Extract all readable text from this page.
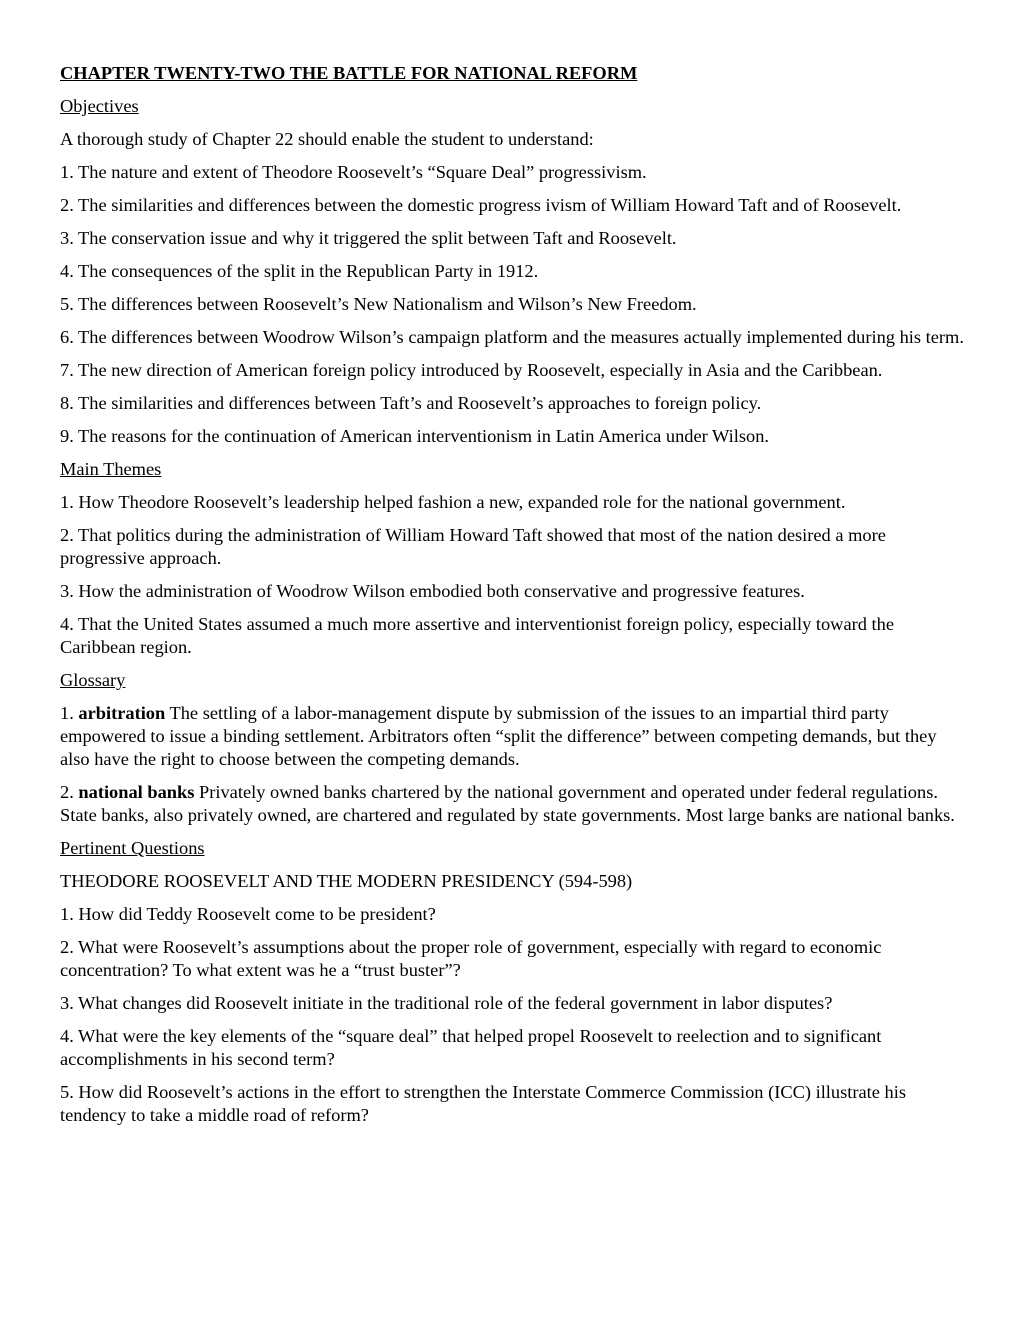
CHAPTER TWENTY-TWO THE BATTLE FOR NATIONAL REFORM

Objectives

A thorough study of Chapter 22 should enable the student to understand:

1. The nature and extent of Theodore Roosevelt’s “Square Deal” progressivism.

2. The similarities and differences between the domestic progress ivism of William Howard Taft and of Roosevelt.

3. The conservation issue and why it triggered the split between Taft and Roosevelt.

4. The consequences of the split in the Republican Party in 1912.

5. The differences between Roosevelt’s New Nationalism and Wilson’s New Freedom.

6. The differences between Woodrow Wilson’s campaign platform and the measures actually implemented during his term.

7. The new direction of American foreign policy introduced by Roosevelt, especially in Asia and the Caribbean.

8. The similarities and differences between Taft’s and Roosevelt’s approaches to foreign policy.

9. The reasons for the continuation of American interventionism in Latin America under Wilson.

Main Themes

1. How Theodore Roosevelt’s leadership helped fashion a new, expanded role for the national government.

2. That politics during the administration of William Howard Taft showed that most of the nation desired a more progressive approach.

3. How the administration of Woodrow Wilson embodied both conservative and progressive features.

4. That the United States assumed a much more assertive and interventionist foreign policy, especially toward the Caribbean region.

Glossary

1. arbitration The settling of a labor-management dispute by submission of the issues to an impartial third party empowered to issue a binding settlement. Arbitrators often “split the difference” between competing demands, but they also have the right to choose between the competing demands.

2. national banks Privately owned banks chartered by the national government and operated under federal regulations. State banks, also privately owned, are chartered and regulated by state governments. Most large banks are national banks.

Pertinent Questions

THEODORE ROOSEVELT AND THE MODERN PRESIDENCY (594-598)

1. How did Teddy Roosevelt come to be president?

2. What were Roosevelt’s assumptions about the proper role of government, especially with regard to economic concentration? To what extent was he a “trust buster”?

3. What changes did Roosevelt initiate in the traditional role of the federal government in labor disputes?

4. What were the key elements of the “square deal” that helped propel Roosevelt to reelection and to significant accomplishments in his second term?

5. How did Roosevelt’s actions in the effort to strengthen the Interstate Commerce Commission (ICC) illustrate his tendency to take a middle road of reform?
